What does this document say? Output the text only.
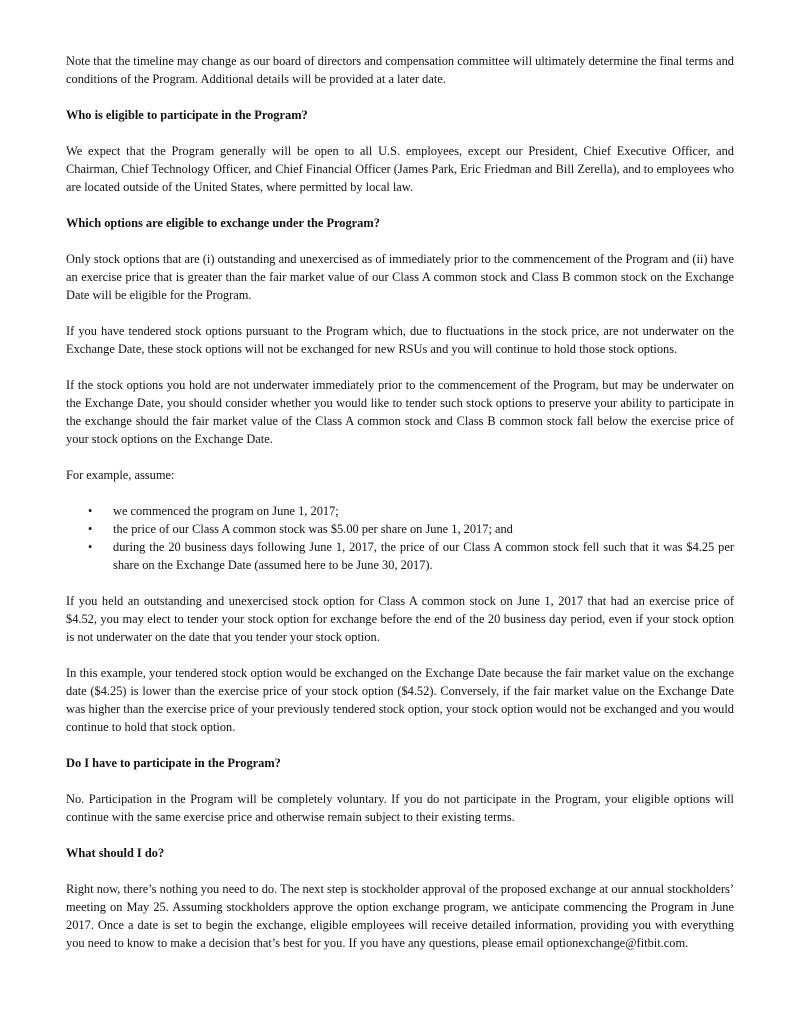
Note that the timeline may change as our board of directors and compensation committee will ultimately determine the final terms and conditions of the Program. Additional details will be provided at a later date.

Who is eligible to participate in the Program?

We expect that the Program generally will be open to all U.S. employees, except our President, Chief Executive Officer, and Chairman, Chief Technology Officer, and Chief Financial Officer (James Park, Eric Friedman and Bill Zerella), and to employees who are located outside of the United States, where permitted by local law.

Which options are eligible to exchange under the Program?

Only stock options that are (i) outstanding and unexercised as of immediately prior to the commencement of the Program and (ii) have an exercise price that is greater than the fair market value of our Class A common stock and Class B common stock on the Exchange Date will be eligible for the Program.

If you have tendered stock options pursuant to the Program which, due to fluctuations in the stock price, are not underwater on the Exchange Date, these stock options will not be exchanged for new RSUs and you will continue to hold those stock options.

If the stock options you hold are not underwater immediately prior to the commencement of the Program, but may be underwater on the Exchange Date, you should consider whether you would like to tender such stock options to preserve your ability to participate in the exchange should the fair market value of the Class A common stock and Class B common stock fall below the exercise price of your stock options on the Exchange Date.

For example, assume:

• we commenced the program on June 1, 2017;
• the price of our Class A common stock was $5.00 per share on June 1, 2017; and
• during the 20 business days following June 1, 2017, the price of our Class A common stock fell such that it was $4.25 per share on the Exchange Date (assumed here to be June 30, 2017).

If you held an outstanding and unexercised stock option for Class A common stock on June 1, 2017 that had an exercise price of $4.52, you may elect to tender your stock option for exchange before the end of the 20 business day period, even if your stock option is not underwater on the date that you tender your stock option.

In this example, your tendered stock option would be exchanged on the Exchange Date because the fair market value on the exchange date ($4.25) is lower than the exercise price of your stock option ($4.52). Conversely, if the fair market value on the Exchange Date was higher than the exercise price of your previously tendered stock option, your stock option would not be exchanged and you would continue to hold that stock option.

Do I have to participate in the Program?

No. Participation in the Program will be completely voluntary. If you do not participate in the Program, your eligible options will continue with the same exercise price and otherwise remain subject to their existing terms.

What should I do?

Right now, there’s nothing you need to do. The next step is stockholder approval of the proposed exchange at our annual stockholders’ meeting on May 25. Assuming stockholders approve the option exchange program, we anticipate commencing the Program in June 2017. Once a date is set to begin the exchange, eligible employees will receive detailed information, providing you with everything you need to know to make a decision that’s best for you. If you have any questions, please email optionexchange@fitbit.com.
